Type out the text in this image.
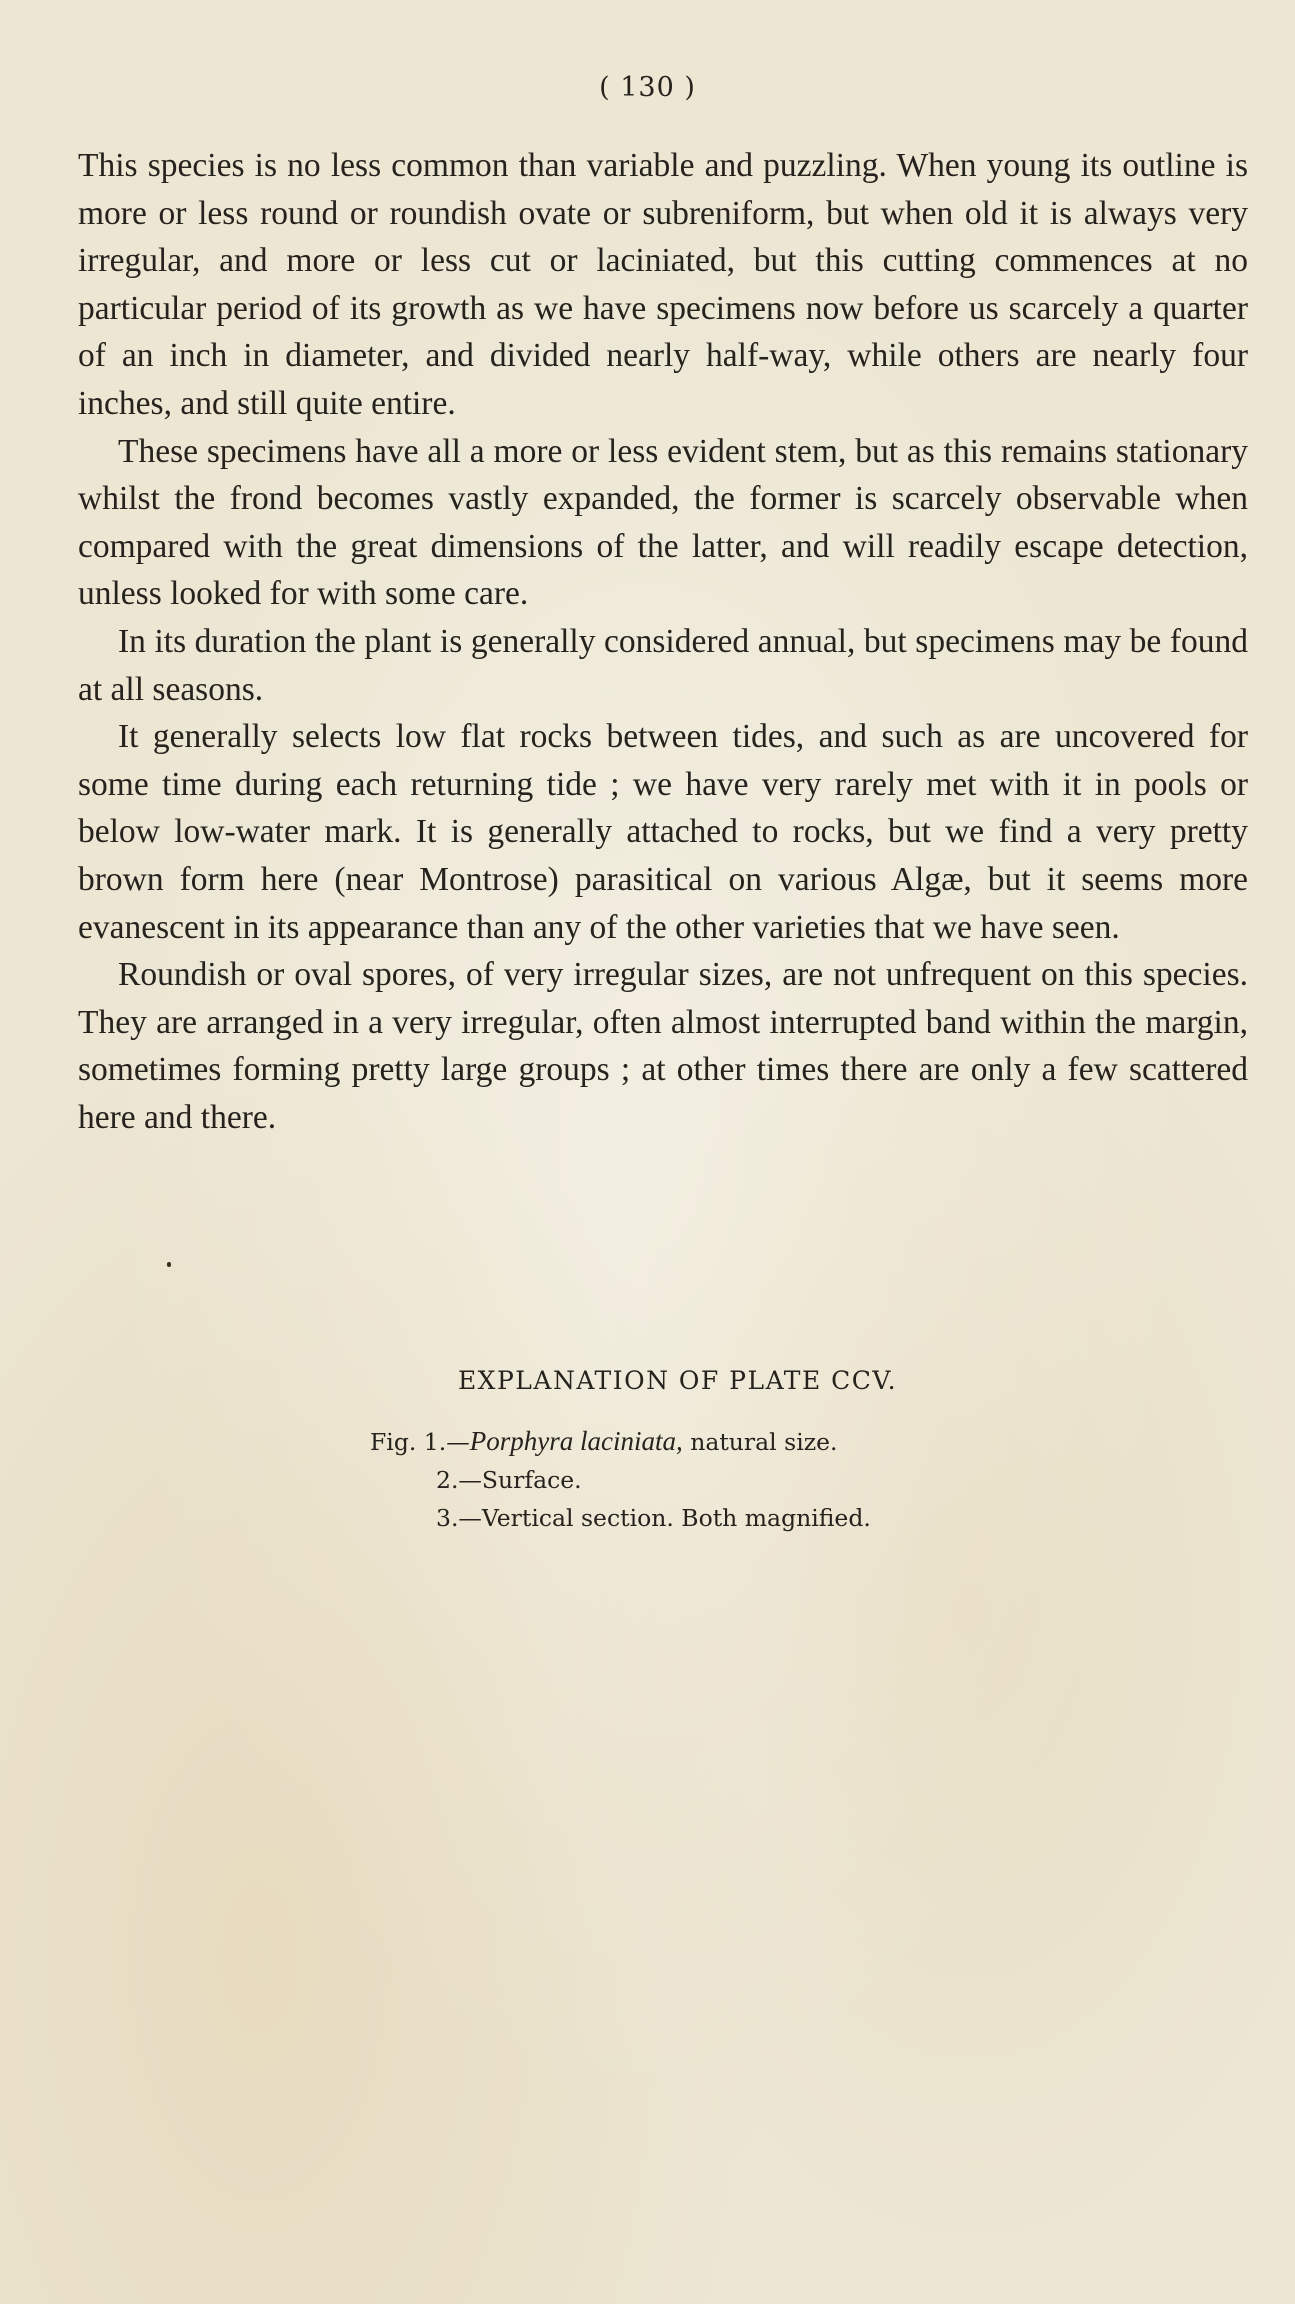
( 130 )

This species is no less common than variable and puzzling. When young its outline is more or less round or roundish ovate or subreniform, but when old it is always very irregular, and more or less cut or laciniated, but this cutting commences at no particular period of its growth as we have specimens now before us scarcely a quarter of an inch in diameter, and divided nearly half-way, while others are nearly four inches, and still quite entire.

These specimens have all a more or less evident stem, but as this remains stationary whilst the frond becomes vastly expanded, the former is scarcely observable when compared with the great dimensions of the latter, and will readily escape detection, unless looked for with some care.

In its duration the plant is generally considered annual, but specimens may be found at all seasons.

It generally selects low flat rocks between tides, and such as are uncovered for some time during each returning tide ; we have very rarely met with it in pools or below low-water mark. It is generally attached to rocks, but we find a very pretty brown form here (near Montrose) parasitical on various Algæ, but it seems more evanescent in its appearance than any of the other varieties that we have seen.

Roundish or oval spores, of very irregular sizes, are not unfrequent on this species. They are arranged in a very irregular, often almost interrupted band within the margin, sometimes forming pretty large groups ; at other times there are only a few scattered here and there.

EXPLANATION OF PLATE CCV.
Fig. 1.—Porphyra laciniata, natural size.
2.—Surface.
3.—Vertical section. Both magnified.
